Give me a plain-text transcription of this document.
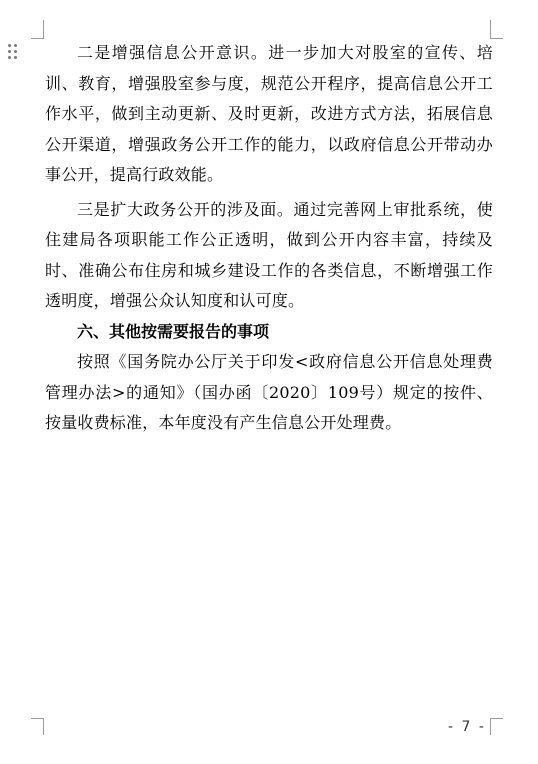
二是增强信息公开意识。进一步加大对股室的宣传、培训、教育，增强股室参与度，规范公开程序，提高信息公开工作水平，做到主动更新、及时更新，改进方式方法，拓展信息公开渠道，增强政务公开工作的能力，以政府信息公开带动办事公开，提高行政效能。

三是扩大政务公开的涉及面。通过完善网上审批系统，使住建局各项职能工作公正透明，做到公开内容丰富，持续及时、准确公布住房和城乡建设工作的各类信息，不断增强工作透明度，增强公众认知度和认可度。

六、其他按需要报告的事项

按照《国务院办公厅关于印发<政府信息公开信息处理费管理办法>的通知》（国办函〔2020〕109号）规定的按件、按量收费标准，本年度没有产生信息公开处理费。

- 7 -
